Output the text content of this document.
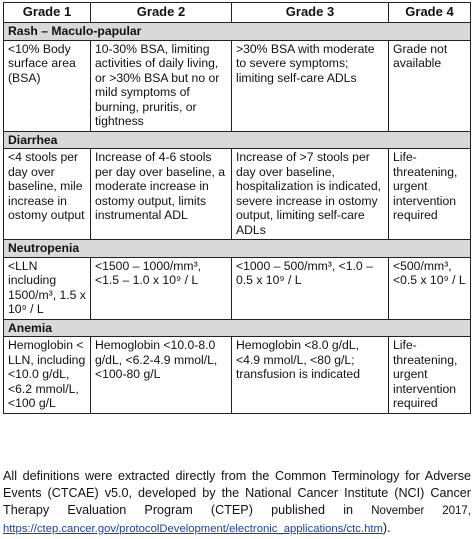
Grade 1	Grade 2	Grade 3	Grade 4
Rash – Maculo-papular			
<10% Body surface area (BSA)	10-30% BSA, limiting activities of daily living, or >30% BSA but no or mild symptoms of burning, pruritis, or tightness	>30% BSA with moderate to severe symptoms; limiting self-care ADLs	Grade not available
Diarrhea			
<4 stools per day over baseline, mile increase in ostomy output	Increase of 4-6 stools per day over baseline, a moderate increase in ostomy output, limits instrumental ADL	Increase of >7 stools per day over baseline, hospitalization is indicated, severe increase in ostomy output, limiting self-care ADLs	Life-threatening, urgent intervention required
Neutropenia			
<LLN including 1500/m³, 1.5 x 10⁹ / L	<1500 – 1000/mm³, <1.5 – 1.0 x 10⁹ / L	<1000 – 500/mm³, <1.0 – 0.5 x 10⁹ / L	<500/mm³, <0.5 x 10⁹ / L
Anemia			
Hemoglobin < LLN, including <10.0 g/dL, <6.2 mmol/L, <100 g/L	Hemoglobin <10.0-8.0 g/dL, <6.2-4.9 mmol/L, <100-80 g/L	Hemoglobin <8.0 g/dL, <4.9 mmol/L, <80 g/L; transfusion is indicated	Life-threatening, urgent intervention required
All definitions were extracted directly from the Common Terminology for Adverse Events (CTCAE) v5.0, developed by the National Cancer Institute (NCI) Cancer Therapy Evaluation Program (CTEP) published in November 2017, https://ctep.cancer.gov/protocolDevelopment/electronic_applications/ctc.htm).
